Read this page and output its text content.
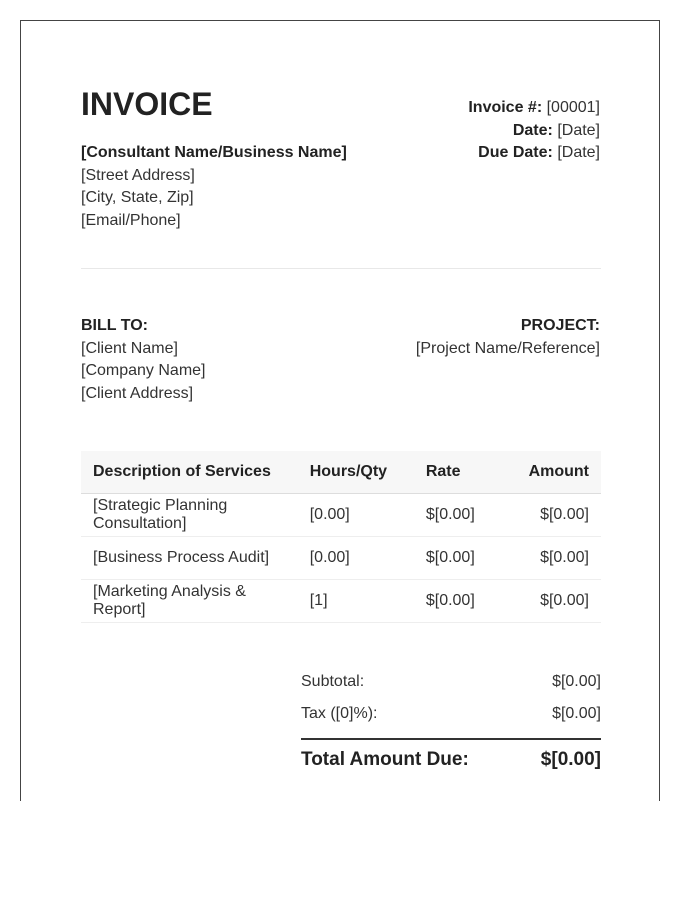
INVOICE
[Consultant Name/Business Name]
[Street Address]
[City, State, Zip]
[Email/Phone]
Invoice #: [00001]
Date: [Date]
Due Date: [Date]
BILL TO:
[Client Name]
[Company Name]
[Client Address]
PROJECT:
[Project Name/Reference]
Description of Services	Hours/Qty	Rate	Amount
[Strategic Planning Consultation]	[0.00]	$[0.00]	$[0.00]
[Business Process Audit]	[0.00]	$[0.00]	$[0.00]
[Marketing Analysis & Report]	[1]	$[0.00]	$[0.00]
Subtotal:	$[0.00]
Tax ([0]%):	$[0.00]
Total Amount Due:	$[0.00]
